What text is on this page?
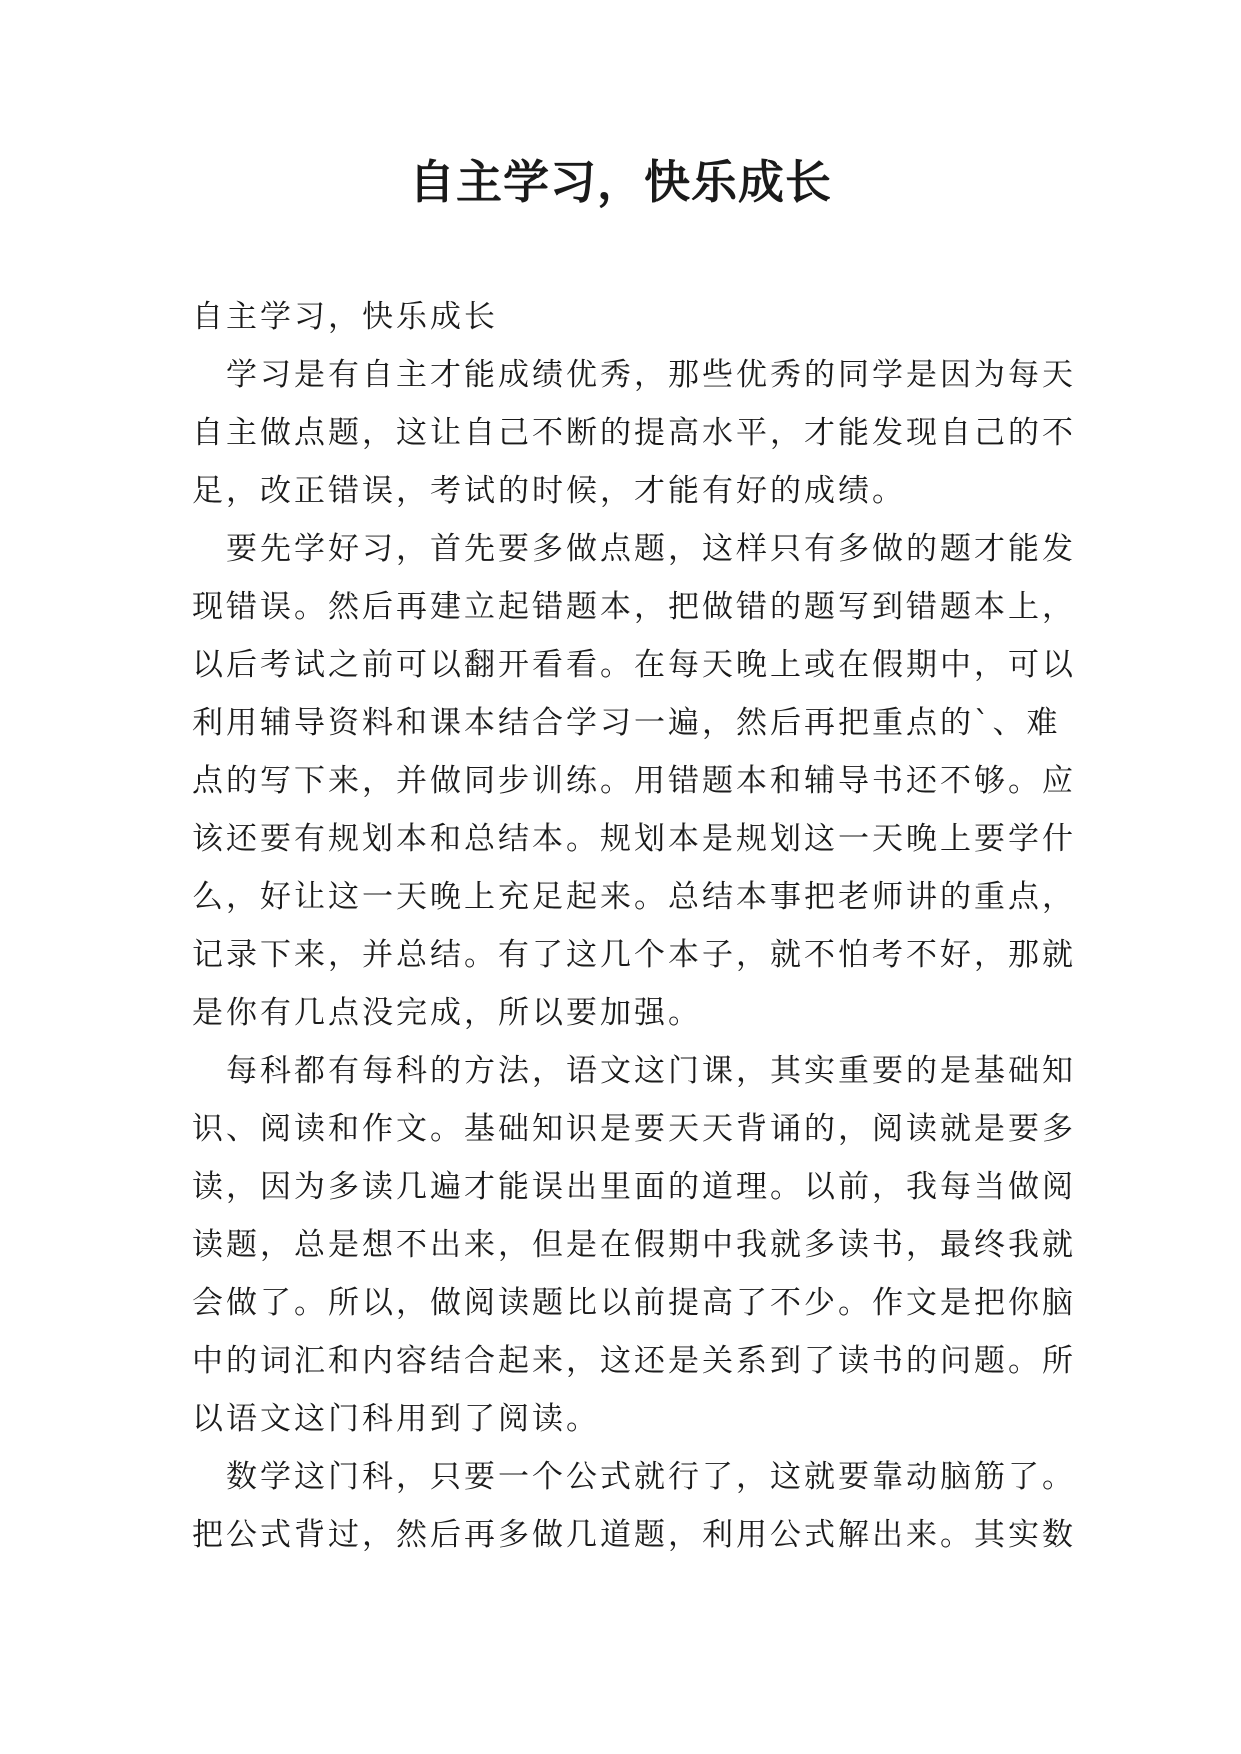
自主学习，快乐成长
自主学习，快乐成长
学习是有自主才能成绩优秀，那些优秀的同学是因为每天
自主做点题，这让自己不断的提高水平，才能发现自己的不
足，改正错误，考试的时候，才能有好的成绩。
要先学好习，首先要多做点题，这样只有多做的题才能发
现错误。然后再建立起错题本，把做错的题写到错题本上，
以后考试之前可以翻开看看。在每天晚上或在假期中，可以
利用辅导资料和课本结合学习一遍，然后再把重点的`、难
点的写下来，并做同步训练。用错题本和辅导书还不够。应
该还要有规划本和总结本。规划本是规划这一天晚上要学什
么，好让这一天晚上充足起来。总结本事把老师讲的重点，
记录下来，并总结。有了这几个本子，就不怕考不好，那就
是你有几点没完成，所以要加强。
每科都有每科的方法，语文这门课，其实重要的是基础知
识、阅读和作文。基础知识是要天天背诵的，阅读就是要多
读，因为多读几遍才能误出里面的道理。以前，我每当做阅
读题，总是想不出来，但是在假期中我就多读书，最终我就
会做了。所以，做阅读题比以前提高了不少。作文是把你脑
中的词汇和内容结合起来，这还是关系到了读书的问题。所
以语文这门科用到了阅读。
数学这门科，只要一个公式就行了，这就要靠动脑筋了。
把公式背过，然后再多做几道题，利用公式解出来。其实数
